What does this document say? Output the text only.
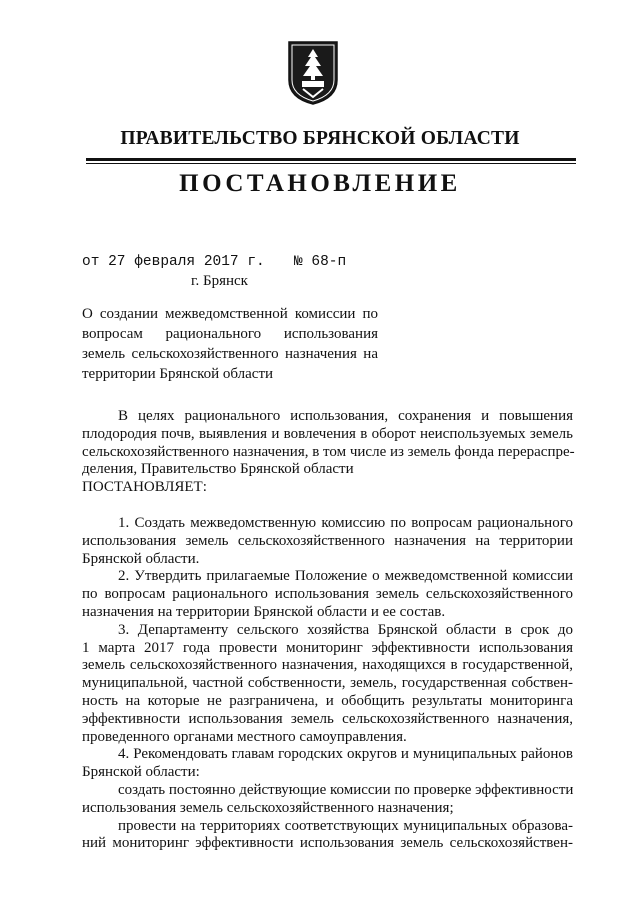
ПРАВИТЕЛЬСТВО БРЯНСКОЙ ОБЛАСТИ
ПОСТАНОВЛЕНИЕ
от 27 февраля 2017 г. № 68-п
г. Брянск
О создании межведомственной комиссии по
вопросам рационального использования
земель сельскохозяйственного назначения на
территории Брянской области
В целях рационального использования, сохранения и повышения
плодородия почв, выявления и вовлечения в оборот неиспользуемых земель
сельскохозяйственного назначения, в том числе из земель фонда перераспре-
деления, Правительство Брянской области
ПОСТАНОВЛЯЕТ:
1. Создать межведомственную комиссию по вопросам рационального
использования земель сельскохозяйственного назначения на территории
Брянской области.
2. Утвердить прилагаемые Положение о межведомственной комиссии
по вопросам рационального использования земель сельскохозяйственного
назначения на территории Брянской области и ее состав.
3. Департаменту сельского хозяйства Брянской области в срок до
1 марта 2017 года провести мониторинг эффективности использования
земель сельскохозяйственного назначения, находящихся в государственной,
муниципальной, частной собственности, земель, государственная собствен-
ность на которые не разграничена, и обобщить результаты мониторинга
эффективности использования земель сельскохозяйственного назначения,
проведенного органами местного самоуправления.
4. Рекомендовать главам городских округов и муниципальных районов
Брянской области:
создать постоянно действующие комиссии по проверке эффективности
использования земель сельскохозяйственного назначения;
провести на территориях соответствующих муниципальных образова-
ний мониторинг эффективности использования земель сельскохозяйствен-
